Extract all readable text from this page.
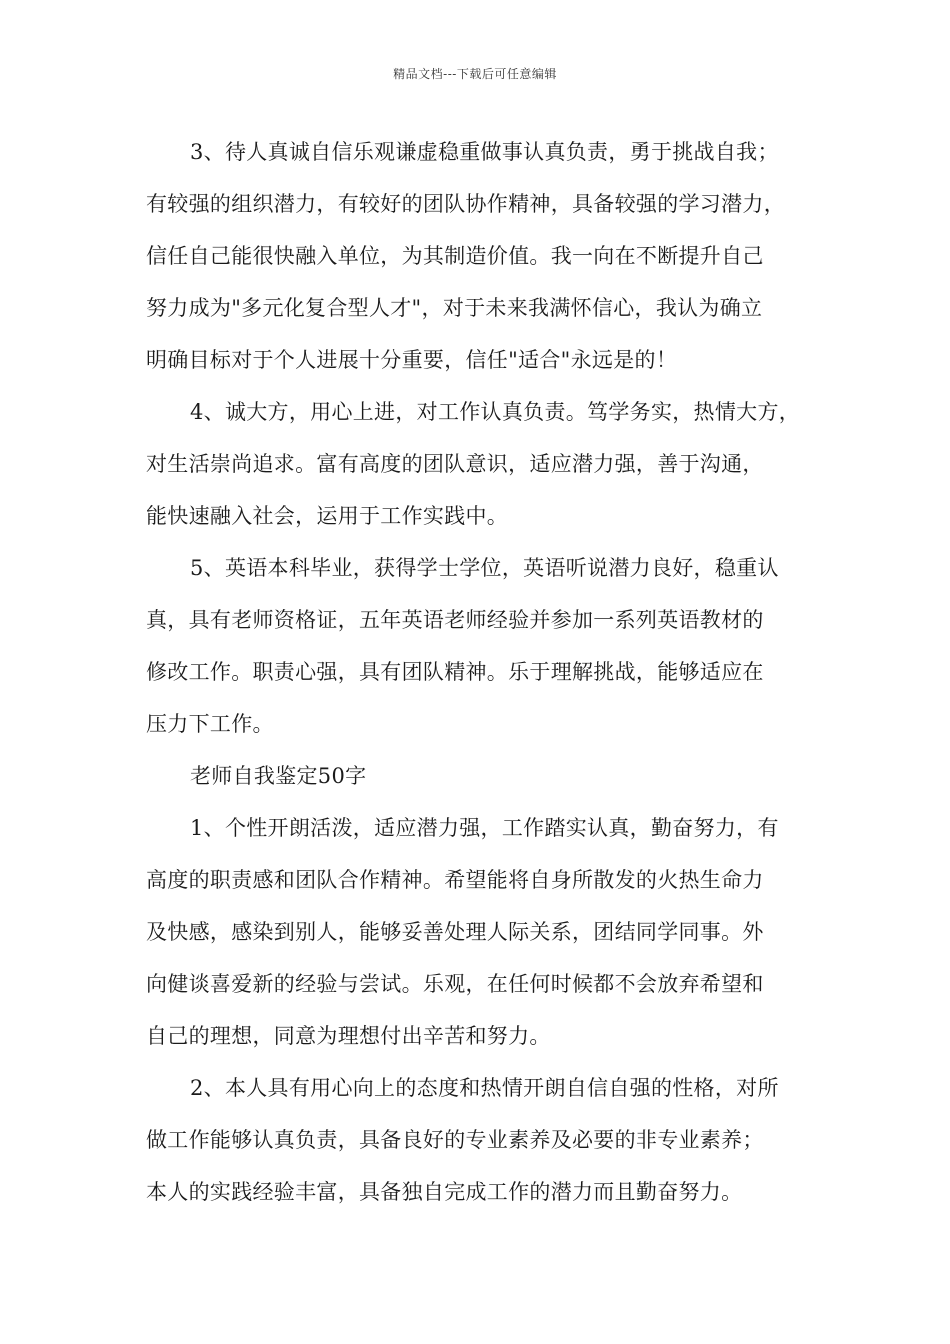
精品文档---下载后可任意编辑

3、待人真诚自信乐观谦虚稳重做事认真负责，勇于挑战自我；
有较强的组织潜力，有较好的团队协作精神，具备较强的学习潜力，
信任自己能很快融入单位，为其制造价值。我一向在不断提升自己
努力成为"多元化复合型人才"，对于未来我满怀信心，我认为确立
明确目标对于个人进展十分重要，信任"适合"永远是的！

4、诚大方，用心上进，对工作认真负责。笃学务实，热情大方，
对生活崇尚追求。富有高度的团队意识，适应潜力强，善于沟通，
能快速融入社会，运用于工作实践中。

5、英语本科毕业，获得学士学位，英语听说潜力良好，稳重认
真，具有老师资格证，五年英语老师经验并参加一系列英语教材的
修改工作。职责心强，具有团队精神。乐于理解挑战，能够适应在
压力下工作。

老师自我鉴定50字

1、个性开朗活泼，适应潜力强，工作踏实认真，勤奋努力，有
高度的职责感和团队合作精神。希望能将自身所散发的火热生命力
及快感，感染到别人，能够妥善处理人际关系，团结同学同事。外
向健谈喜爱新的经验与尝试。乐观，在任何时候都不会放弃希望和
自己的理想，同意为理想付出辛苦和努力。

2、本人具有用心向上的态度和热情开朗自信自强的性格，对所
做工作能够认真负责，具备良好的专业素养及必要的非专业素养；
本人的实践经验丰富，具备独自完成工作的潜力而且勤奋努力。
